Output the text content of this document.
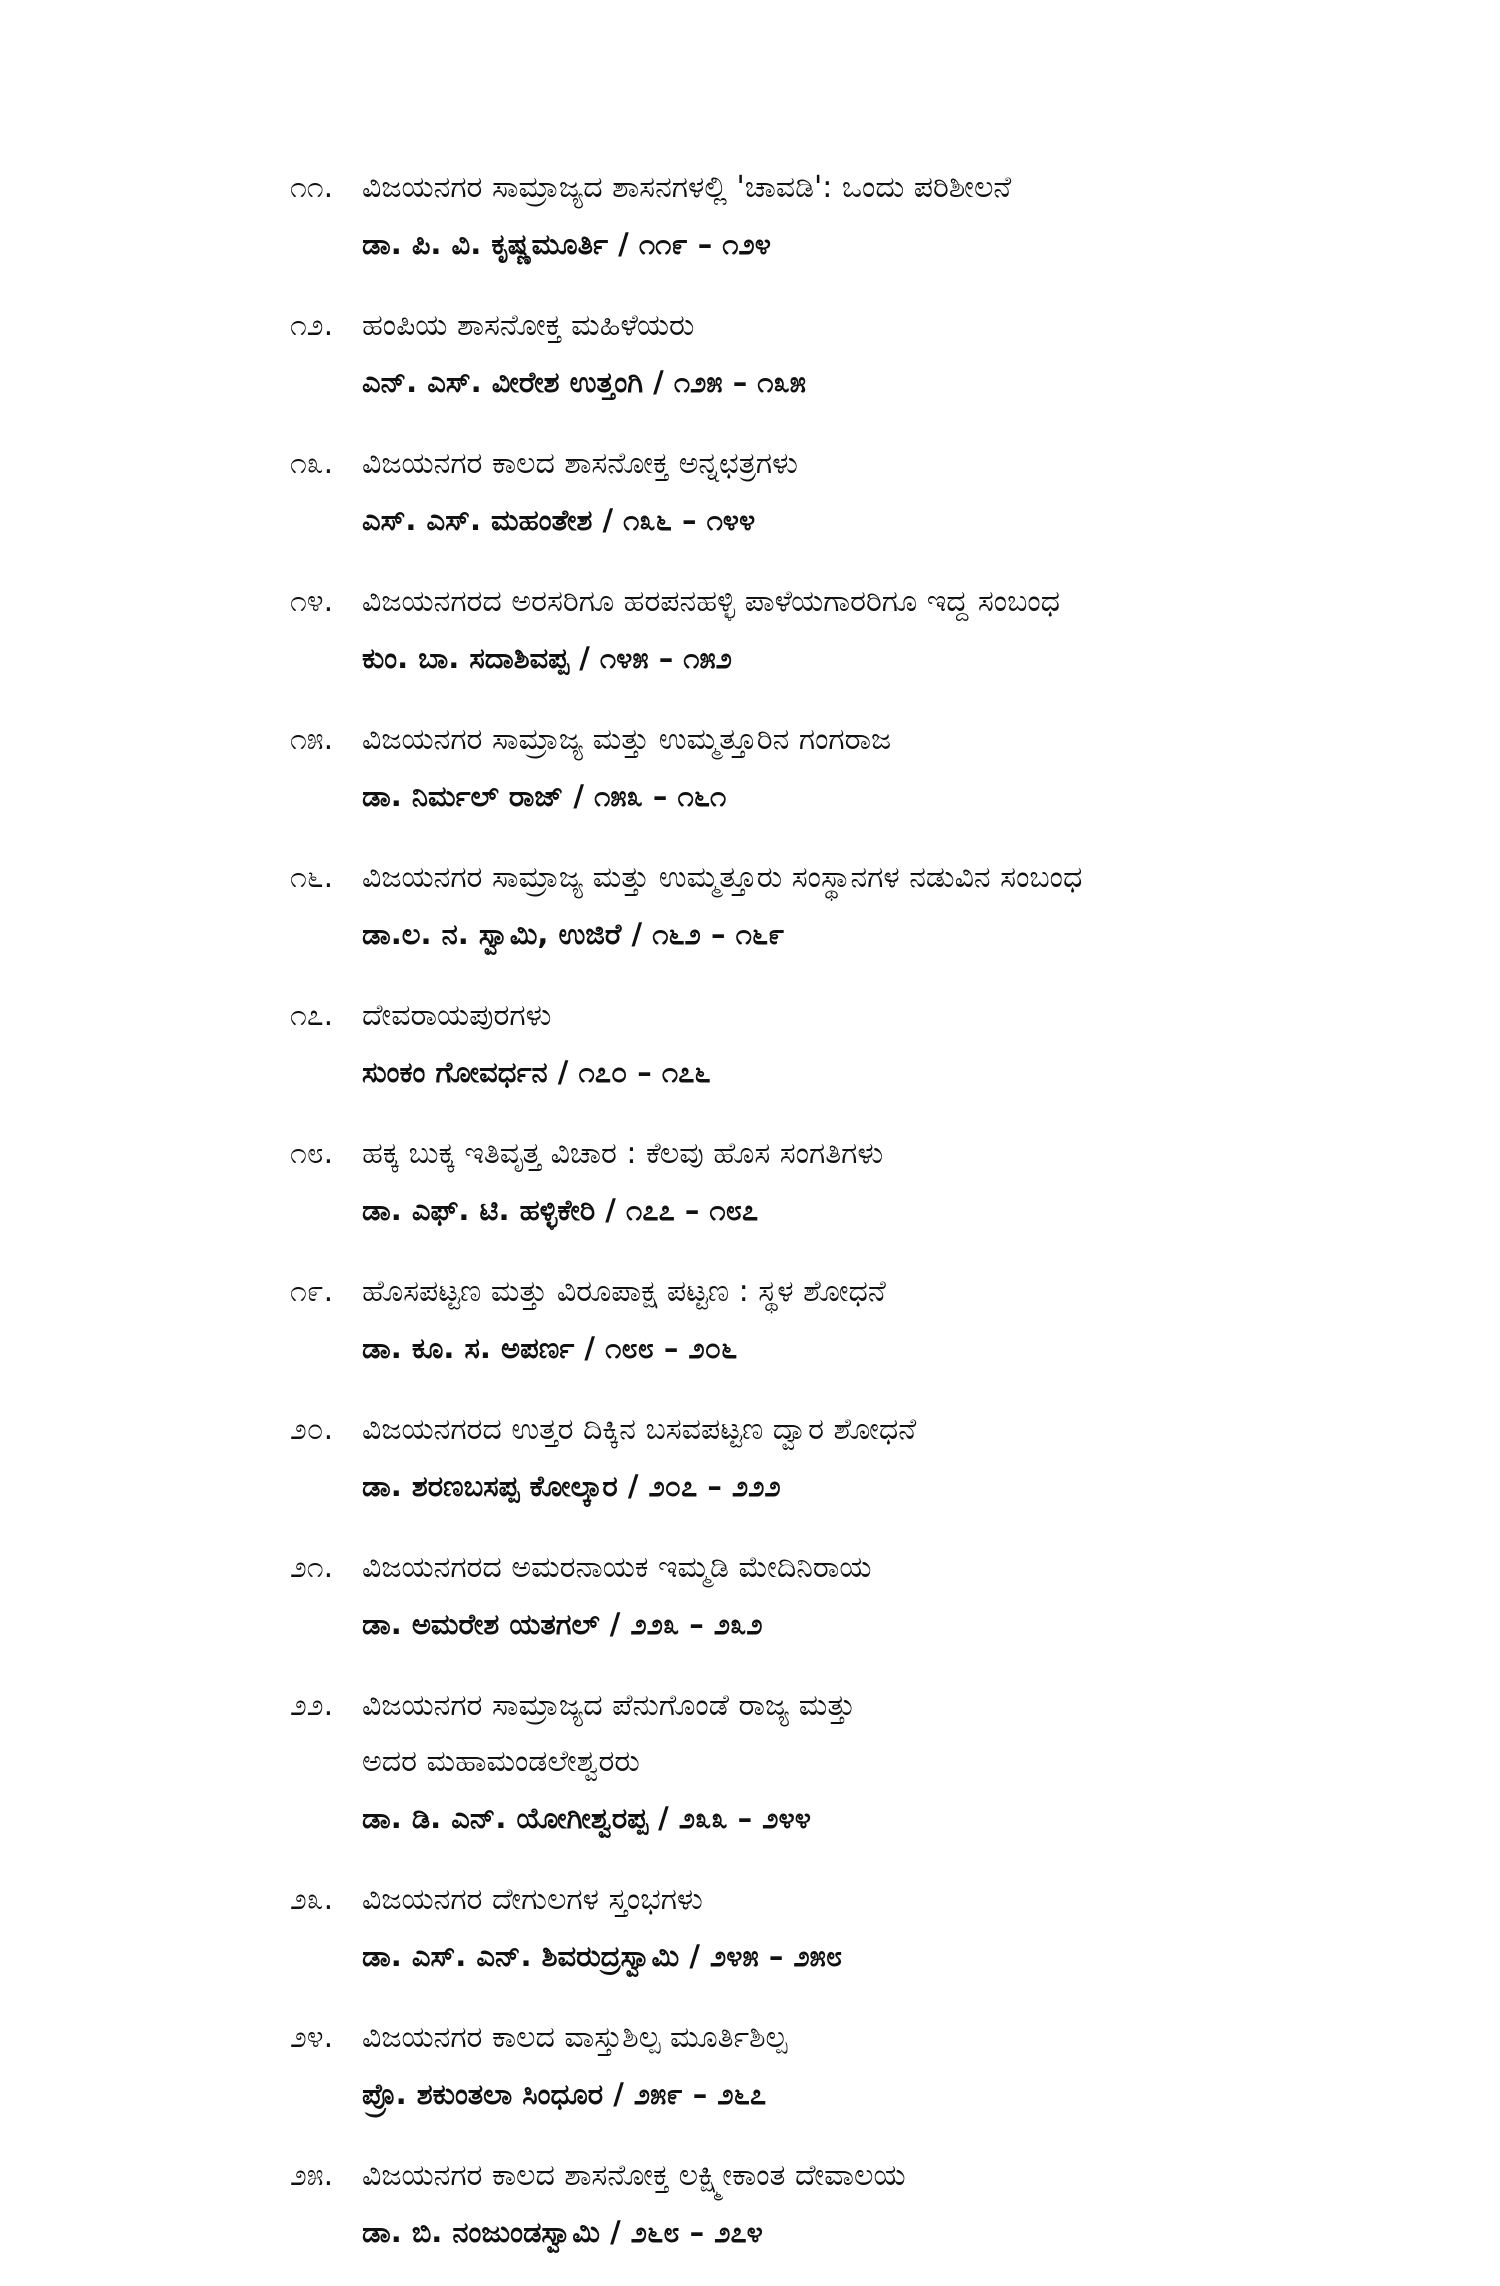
೧೧. ವಿಜಯನಗರ ಸಾಮ್ರಾಜ್ಯದ ಶಾಸನಗಳಲ್ಲಿ 'ಚಾವಡಿ': ಒಂದು ಪರಿಶೀಲನೆ
ಡಾ. ಪಿ. ವಿ. ಕೃಷ್ಣಮೂರ್ತಿ / ೧೧೯ – ೧೨೪
೧೨. ಹಂಪಿಯ ಶಾಸನೋಕ್ತ ಮಹಿಳೆಯರು
ಎನ್. ಎಸ್. ವೀರೇಶ ಉತ್ತಂಗಿ / ೧೨೫ – ೧೩೫
೧೩. ವಿಜಯನಗರ ಕಾಲದ ಶಾಸನೋಕ್ತ ಅನ್ನಛತ್ರಗಳು
ಎಸ್. ಎಸ್. ಮಹಂತೇಶ / ೧೩೬ – ೧೪೪
೧೪. ವಿಜಯನಗರದ ಅರಸರಿಗೂ ಹರಪನಹಳ್ಳಿ ಪಾಳೆಯಗಾರರಿಗೂ ಇದ್ದ ಸಂಬಂಧ
ಕುಂ. ಬಾ. ಸದಾಶಿವಪ್ಪ / ೧೪೫ – ೧೫೨
೧೫. ವಿಜಯನಗರ ಸಾಮ್ರಾಜ್ಯ ಮತ್ತು ಉಮ್ಮತ್ತೂರಿನ ಗಂಗರಾಜ
ಡಾ. ನಿರ್ಮಲ್ ರಾಜ್ / ೧೫೩ – ೧೬೧
೧೬. ವಿಜಯನಗರ ಸಾಮ್ರಾಜ್ಯ ಮತ್ತು ಉಮ್ಮತ್ತೂರು ಸಂಸ್ಥಾನಗಳ ನಡುವಿನ ಸಂಬಂಧ
ಡಾ.ಲ. ನ. ಸ್ವಾಮಿ, ಉಜಿರೆ / ೧೬೨ – ೧೬೯
೧೭. ದೇವರಾಯಪುರಗಳು
ಸುಂಕಂ ಗೋವರ್ಧನ / ೧೭೦ – ೧೭೬
೧೮. ಹಕ್ಕ ಬುಕ್ಕ ಇತಿವೃತ್ತ ವಿಚಾರ : ಕೆಲವು ಹೊಸ ಸಂಗತಿಗಳು
ಡಾ. ಎಫ್. ಟಿ. ಹಳ್ಳಿಕೇರಿ / ೧೭೭ – ೧೮೭
೧೯. ಹೊಸಪಟ್ಟಣ ಮತ್ತು ವಿರೂಪಾಕ್ಷ ಪಟ್ಟಣ : ಸ್ಥಳ ಶೋಧನೆ
ಡಾ. ಕೂ. ಸ. ಅಪರ್ಣ / ೧೮೮ – ೨೦೬
೨೦. ವಿಜಯನಗರದ ಉತ್ತರ ದಿಕ್ಕಿನ ಬಸವಪಟ್ಟಣ ದ್ವಾರ ಶೋಧನೆ
ಡಾ. ಶರಣಬಸಪ್ಪ ಕೋಲ್ಕಾರ / ೨೦೭ – ೨೨೨
೨೧. ವಿಜಯನಗರದ ಅಮರನಾಯಕ ಇಮ್ಮಡಿ ಮೇದಿನಿರಾಯ
ಡಾ. ಅಮರೇಶ ಯತಗಲ್ / ೨೨೩ – ೨೩೨
೨೨. ವಿಜಯನಗರ ಸಾಮ್ರಾಜ್ಯದ ಪೆನುಗೊಂಡೆ ರಾಜ್ಯ ಮತ್ತು
ಅದರ ಮಹಾಮಂಡಲೇಶ್ವರರು
ಡಾ. ಡಿ. ಎನ್. ಯೋಗೀಶ್ವರಪ್ಪ / ೨೩೩ – ೨೪೪
೨೩. ವಿಜಯನಗರ ದೇಗುಲಗಳ ಸ್ತಂಭಗಳು
ಡಾ. ಎಸ್. ಎನ್. ಶಿವರುದ್ರಸ್ವಾಮಿ / ೨೪೫ – ೨೫೮
೨೪. ವಿಜಯನಗರ ಕಾಲದ ವಾಸ್ತುಶಿಲ್ಪ ಮೂರ್ತಿಶಿಲ್ಪ
ಪ್ರೊ. ಶಕುಂತಲಾ ಸಿಂಧೂರ / ೨೫೯ – ೨೬೭
೨೫. ವಿಜಯನಗರ ಕಾಲದ ಶಾಸನೋಕ್ತ ಲಕ್ಷ್ಮೀಕಾಂತ ದೇವಾಲಯ
ಡಾ. ಬಿ. ನಂಜುಂಡಸ್ವಾಮಿ / ೨೬೮ – ೨೭೪
